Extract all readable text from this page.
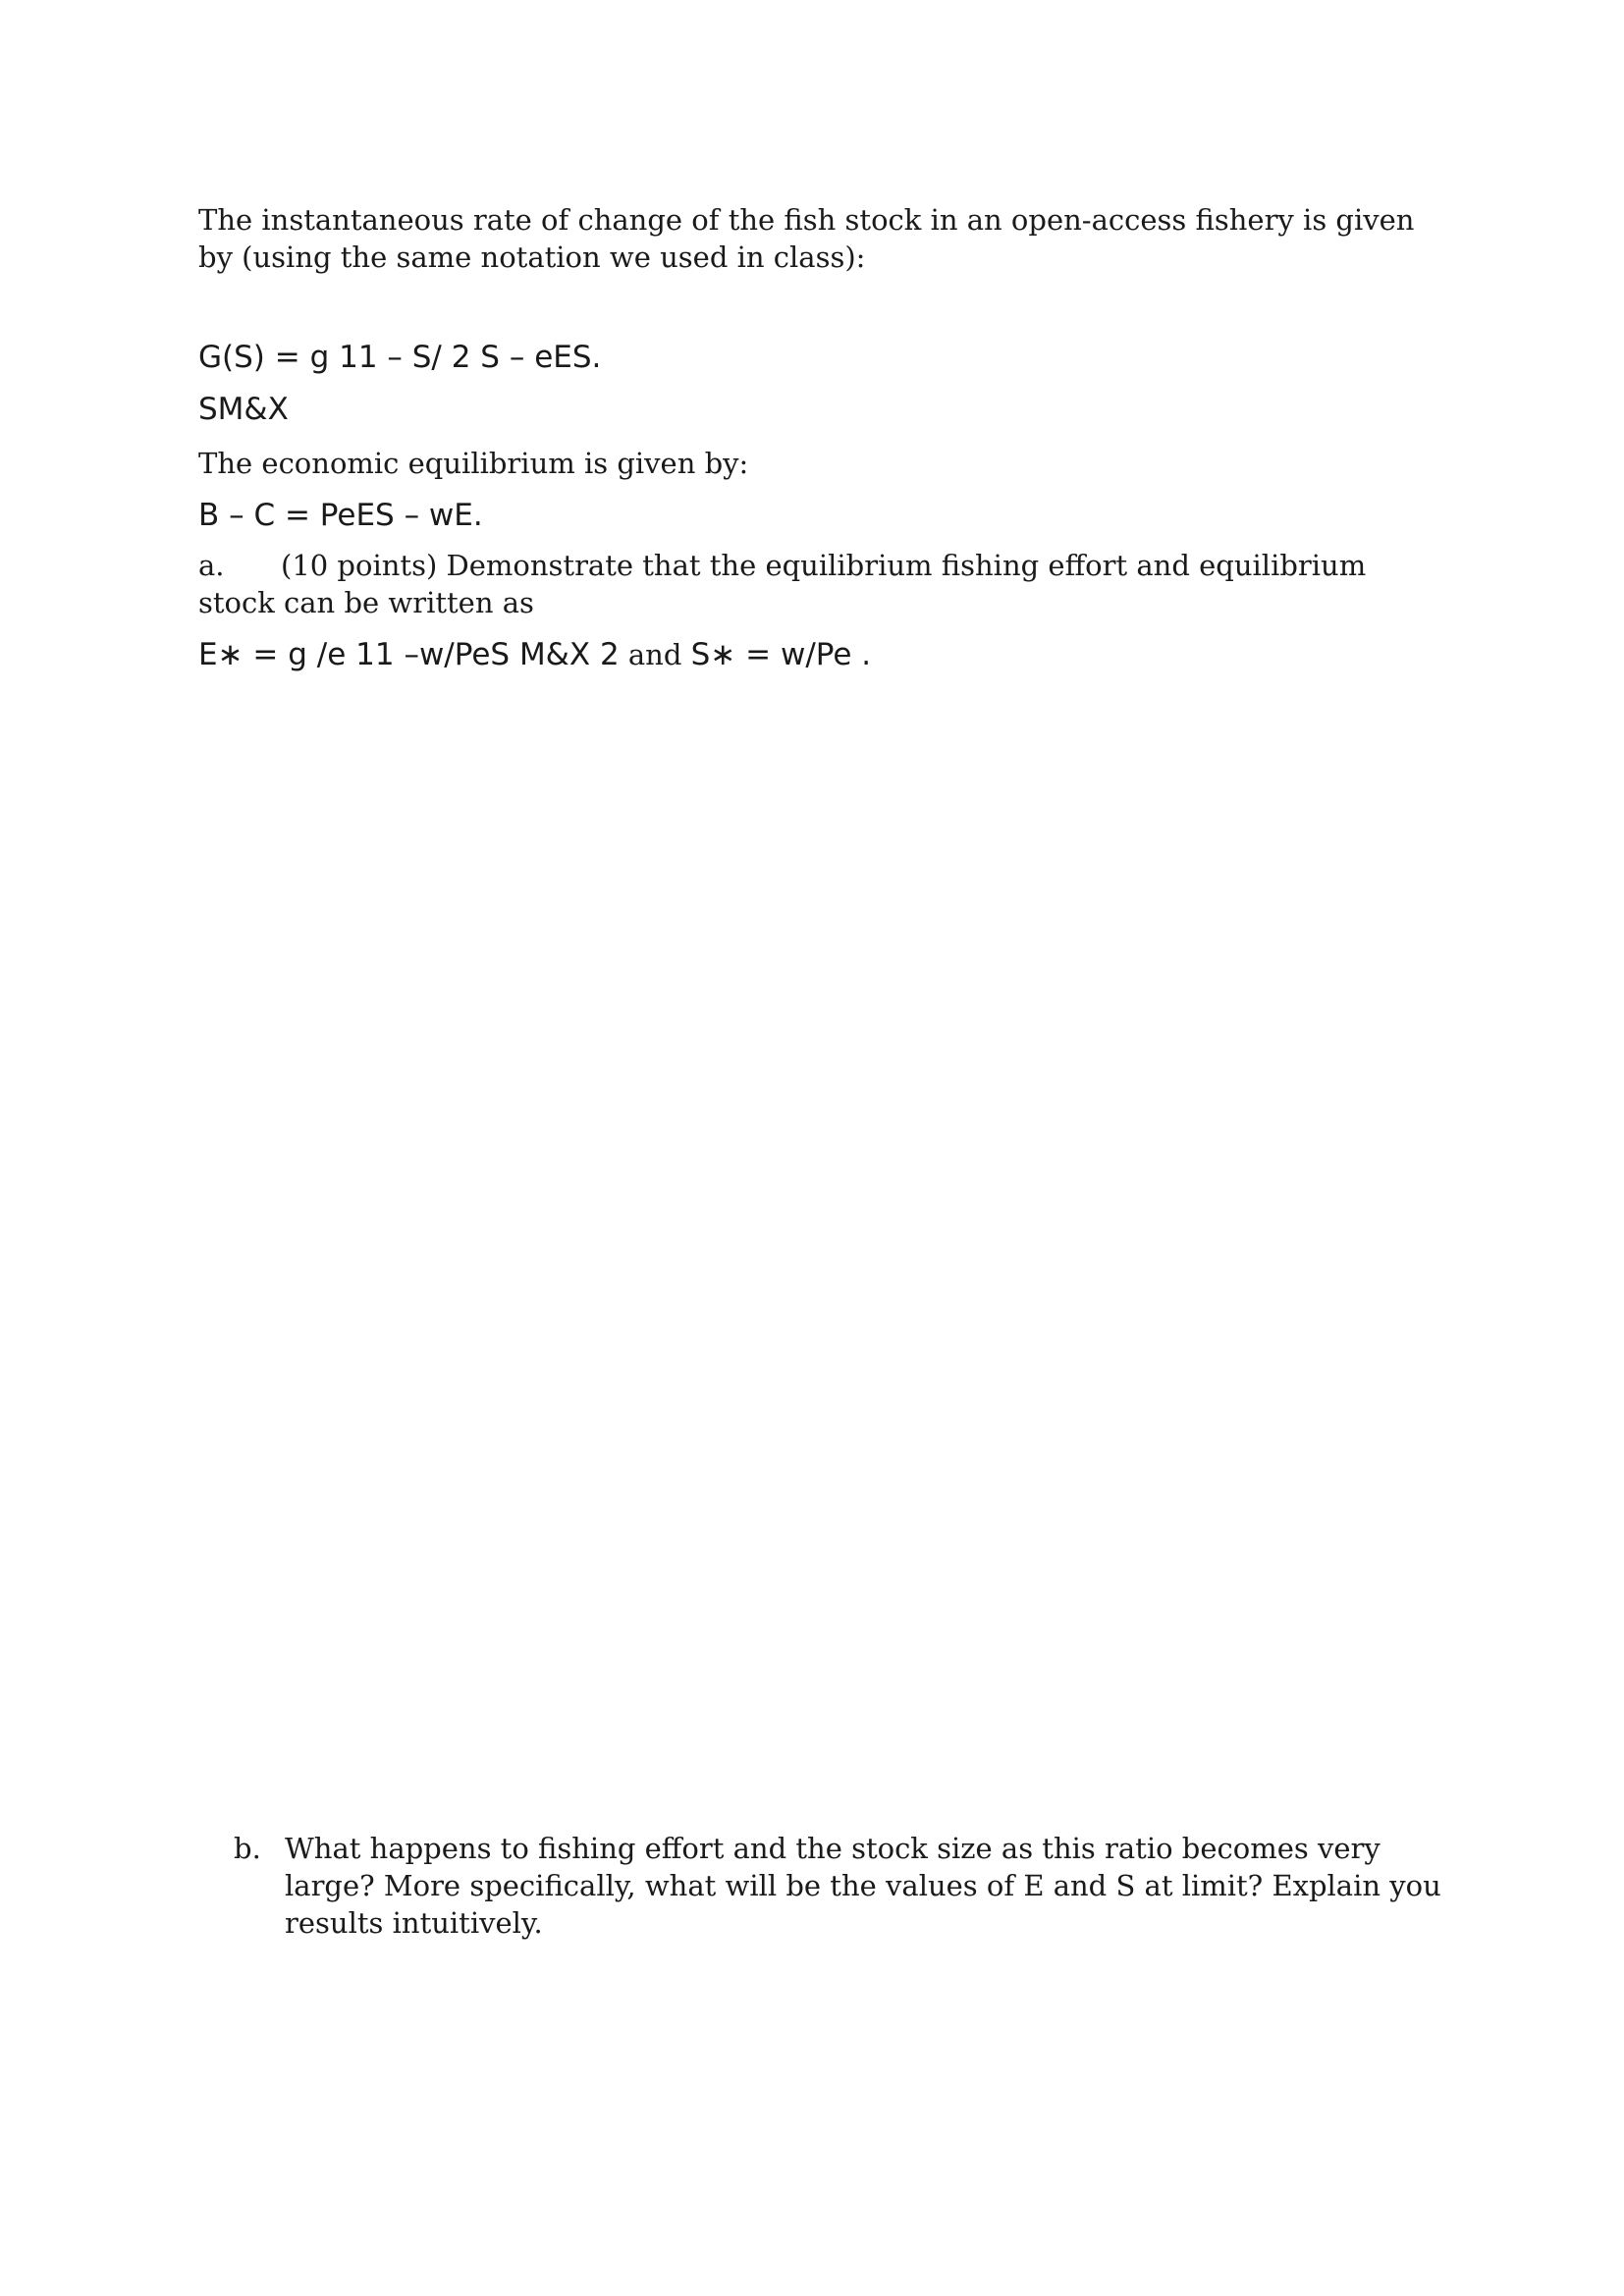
The instantaneous rate of change of the fish stock in an open-access fishery is given by (using the same notation we used in class):

G(S) = g 11 – S/ 2 S – eES.

SM&X

The economic equilibrium is given by:

B – C = PeES – wE.

a. (10 points) Demonstrate that the equilibrium fishing effort and equilibrium stock can be written as

E∗ = g /e 11 –w/PeS M&X 2 and S∗ = w/Pe .

b. What happens to fishing effort and the stock size as this ratio becomes very large? More specifically, what will be the values of E and S at limit? Explain you results intuitively.
